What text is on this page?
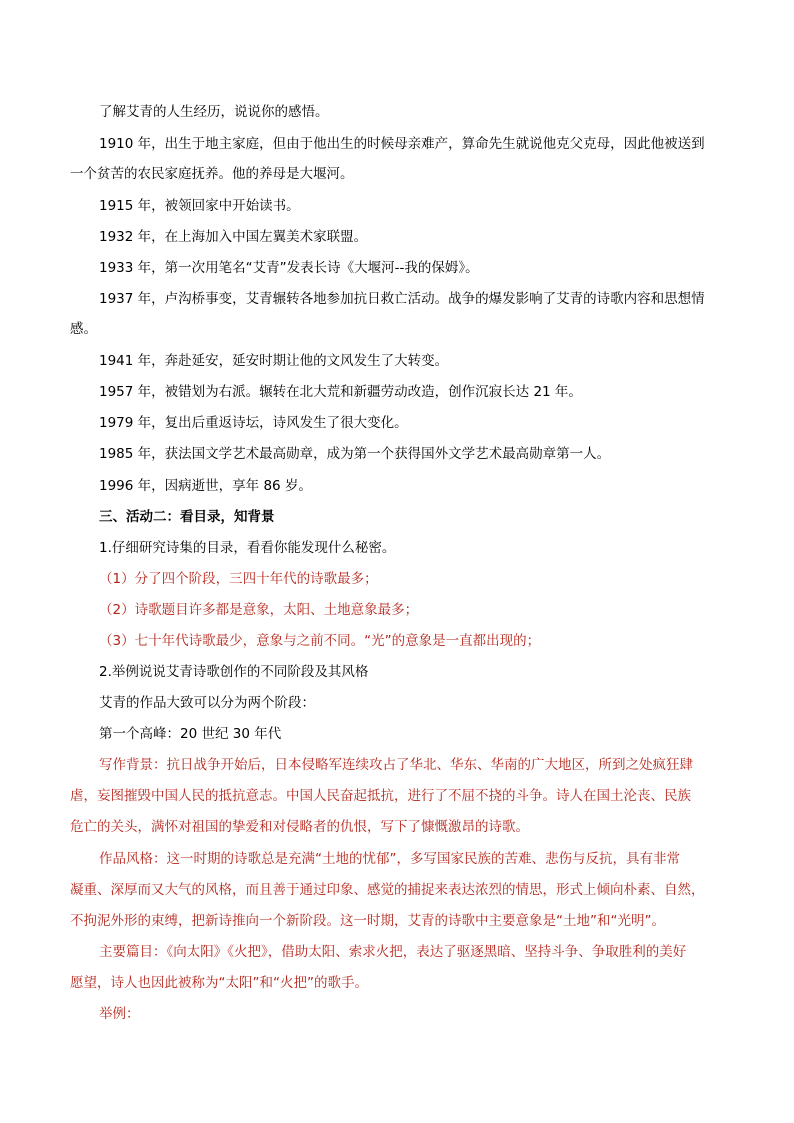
了解艾青的人生经历，说说你的感悟。
1910 年，出生于地主家庭，但由于他出生的时候母亲难产，算命先生就说他克父克母，因此他被送到
一个贫苦的农民家庭抚养。他的养母是大堰河。
1915 年，被领回家中开始读书。
1932 年，在上海加入中国左翼美术家联盟。
1933 年，第一次用笔名“艾青”发表长诗《大堰河--我的保姆》。
1937 年，卢沟桥事变，艾青辗转各地参加抗日救亡活动。战争的爆发影响了艾青的诗歌内容和思想情
感。
1941 年，奔赴延安，延安时期让他的文风发生了大转变。
1957 年，被错划为右派。辗转在北大荒和新疆劳动改造，创作沉寂长达 21 年。
1979 年，复出后重返诗坛，诗风发生了很大变化。
1985 年，获法国文学艺术最高勋章，成为第一个获得国外文学艺术最高勋章第一人。
1996 年，因病逝世，享年 86 岁。
三、活动二：看目录，知背景
1.仔细研究诗集的目录，看看你能发现什么秘密。
（1）分了四个阶段，三四十年代的诗歌最多；
（2）诗歌题目许多都是意象，太阳、土地意象最多；
（3）七十年代诗歌最少，意象与之前不同。“光”的意象是一直都出现的；
2.举例说说艾青诗歌创作的不同阶段及其风格
艾青的作品大致可以分为两个阶段：
第一个高峰：20 世纪 30 年代
写作背景：抗日战争开始后，日本侵略军连续攻占了华北、华东、华南的广大地区，所到之处疯狂肆
虐，妄图摧毁中国人民的抵抗意志。中国人民奋起抵抗，进行了不屈不挠的斗争。诗人在国土沦丧、民族
危亡的关头，满怀对祖国的挚爱和对侵略者的仇恨，写下了慷慨激昂的诗歌。
作品风格：这一时期的诗歌总是充满“土地的忧郁”，多写国家民族的苦难、悲伤与反抗，具有非常
凝重、深厚而又大气的风格，而且善于通过印象、感觉的捕捉来表达浓烈的情思，形式上倾向朴素、自然，
不拘泥外形的束缚，把新诗推向一个新阶段。这一时期，艾青的诗歌中主要意象是“土地”和“光明”。
主要篇目：《向太阳》《火把》，借助太阳、索求火把，表达了驱逐黑暗、坚持斗争、争取胜利的美好
愿望，诗人也因此被称为“太阳”和“火把”的歌手。
举例：
